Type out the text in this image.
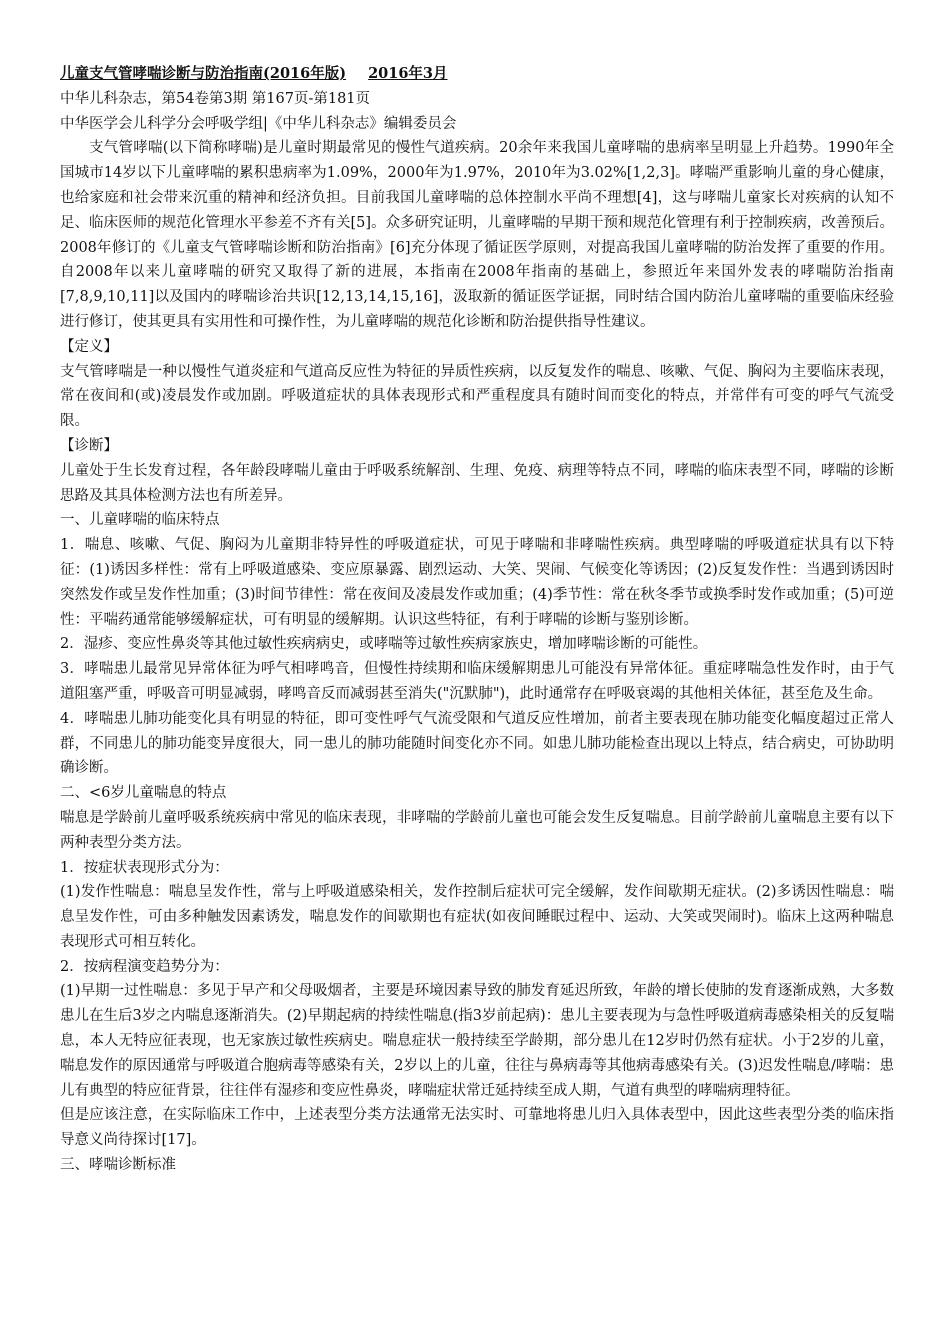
儿童支气管哮喘诊断与防治指南(2016年版) 2016年3月

中华儿科杂志，第54卷第3期 第167页-第181页

中华医学会儿科学分会呼吸学组|《中华儿科杂志》编辑委员会

支气管哮喘(以下简称哮喘)是儿童时期最常见的慢性气道疾病。20余年来我国儿童哮喘的患病率呈明显上升趋势。1990年全国城市14岁以下儿童哮喘的累积患病率为1.09%，2000年为1.97%，2010年为3.02%[1,2,3]。哮喘严重影响儿童的身心健康，也给家庭和社会带来沉重的精神和经济负担。目前我国儿童哮喘的总体控制水平尚不理想[4]，这与哮喘儿童家长对疾病的认知不足、临床医师的规范化管理水平参差不齐有关[5]。众多研究证明，儿童哮喘的早期干预和规范化管理有利于控制疾病，改善预后。2008年修订的《儿童支气管哮喘诊断和防治指南》[6]充分体现了循证医学原则，对提高我国儿童哮喘的防治发挥了重要的作用。自2008年以来儿童哮喘的研究又取得了新的进展，本指南在2008年指南的基础上，参照近年来国外发表的哮喘防治指南[7,8,9,10,11]以及国内的哮喘诊治共识[12,13,14,15,16]，汲取新的循证医学证据，同时结合国内防治儿童哮喘的重要临床经验进行修订，使其更具有实用性和可操作性，为儿童哮喘的规范化诊断和防治提供指导性建议。

【定义】

支气管哮喘是一种以慢性气道炎症和气道高反应性为特征的异质性疾病，以反复发作的喘息、咳嗽、气促、胸闷为主要临床表现，常在夜间和(或)凌晨发作或加剧。呼吸道症状的具体表现形式和严重程度具有随时间而变化的特点，并常伴有可变的呼气气流受限。

【诊断】

儿童处于生长发育过程，各年龄段哮喘儿童由于呼吸系统解剖、生理、免疫、病理等特点不同，哮喘的临床表型不同，哮喘的诊断思路及其具体检测方法也有所差异。

一、儿童哮喘的临床特点

1．喘息、咳嗽、气促、胸闷为儿童期非特异性的呼吸道症状，可见于哮喘和非哮喘性疾病。典型哮喘的呼吸道症状具有以下特征：(1)诱因多样性：常有上呼吸道感染、变应原暴露、剧烈运动、大笑、哭闹、气候变化等诱因；(2)反复发作性：当遇到诱因时突然发作或呈发作性加重；(3)时间节律性：常在夜间及凌晨发作或加重；(4)季节性：常在秋冬季节或换季时发作或加重；(5)可逆性：平喘药通常能够缓解症状，可有明显的缓解期。认识这些特征，有利于哮喘的诊断与鉴别诊断。

2．湿疹、变应性鼻炎等其他过敏性疾病病史，或哮喘等过敏性疾病家族史，增加哮喘诊断的可能性。

3．哮喘患儿最常见异常体征为呼气相哮鸣音，但慢性持续期和临床缓解期患儿可能没有异常体征。重症哮喘急性发作时，由于气道阻塞严重，呼吸音可明显减弱，哮鸣音反而减弱甚至消失("沉默肺")，此时通常存在呼吸衰竭的其他相关体征，甚至危及生命。

4．哮喘患儿肺功能变化具有明显的特征，即可变性呼气气流受限和气道反应性增加，前者主要表现在肺功能变化幅度超过正常人群，不同患儿的肺功能变异度很大，同一患儿的肺功能随时间变化亦不同。如患儿肺功能检查出现以上特点，结合病史，可协助明确诊断。

二、<6岁儿童喘息的特点

喘息是学龄前儿童呼吸系统疾病中常见的临床表现，非哮喘的学龄前儿童也可能会发生反复喘息。目前学龄前儿童喘息主要有以下两种表型分类方法。

1．按症状表现形式分为：

(1)发作性喘息：喘息呈发作性，常与上呼吸道感染相关，发作控制后症状可完全缓解，发作间歇期无症状。(2)多诱因性喘息：喘息呈发作性，可由多种触发因素诱发，喘息发作的间歇期也有症状(如夜间睡眠过程中、运动、大笑或哭闹时)。临床上这两种喘息表现形式可相互转化。

2．按病程演变趋势分为：

(1)早期一过性喘息：多见于早产和父母吸烟者，主要是环境因素导致的肺发育延迟所致，年龄的增长使肺的发育逐渐成熟，大多数患儿在生后3岁之内喘息逐渐消失。(2)早期起病的持续性喘息(指3岁前起病)：患儿主要表现为与急性呼吸道病毒感染相关的反复喘息，本人无特应征表现，也无家族过敏性疾病史。喘息症状一般持续至学龄期，部分患儿在12岁时仍然有症状。小于2岁的儿童，喘息发作的原因通常与呼吸道合胞病毒等感染有关，2岁以上的儿童，往往与鼻病毒等其他病毒感染有关。(3)迟发性喘息/哮喘：患儿有典型的特应征背景，往往伴有湿疹和变应性鼻炎，哮喘症状常迁延持续至成人期，气道有典型的哮喘病理特征。

但是应该注意，在实际临床工作中，上述表型分类方法通常无法实时、可靠地将患儿归入具体表型中，因此这些表型分类的临床指导意义尚待探讨[17]。

三、哮喘诊断标准
